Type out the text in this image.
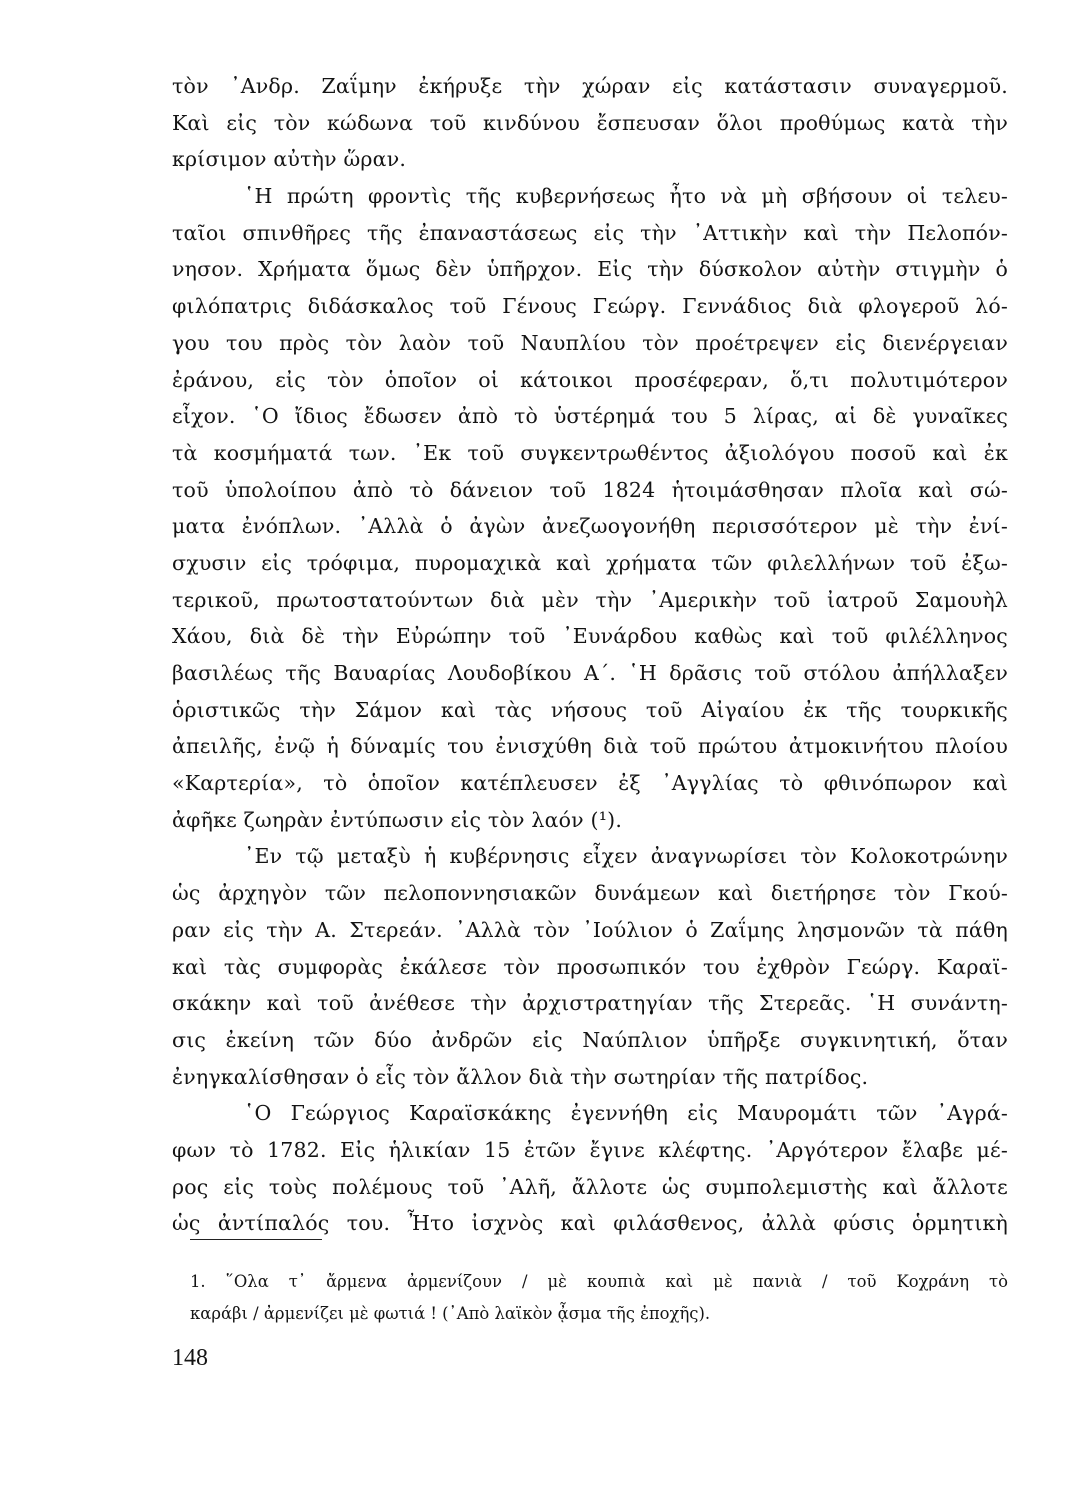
τὸν ᾿Ανδρ. Ζαΐμην ἐκήρυξε τὴν χώραν εἰς κατάστασιν συναγερμοῦ.
Καὶ εἰς τὸν κώδωνα τοῦ κινδύνου ἔσπευσαν ὅλοι προθύμως κατὰ τὴν
κρίσιμον αὐτὴν ὥραν.
῾Η πρώτη φροντὶς τῆς κυβερνήσεως ἦτο νὰ μὴ σβήσουν οἱ τελευ-
ταῖοι σπινθῆρες τῆς ἐπαναστάσεως εἰς τὴν ᾿Αττικὴν καὶ τὴν Πελοπόν-
νησον. Χρήματα ὅμως δὲν ὑπῆρχον. Εἰς τὴν δύσκολον αὐτὴν στιγμὴν ὁ
φιλόπατρις διδάσκαλος τοῦ Γένους Γεώργ. Γεννάδιος διὰ φλογεροῦ λό-
γου του πρὸς τὸν λαὸν τοῦ Ναυπλίου τὸν προέτρεψεν εἰς διενέργειαν
ἐράνου, εἰς τὸν ὁποῖον οἱ κάτοικοι προσέφεραν, ὅ,τι πολυτιμότερον
εἶχον. ῾Ο ἴδιος ἔδωσεν ἀπὸ τὸ ὑστέρημά του 5 λίρας, αἱ δὲ γυναῖκες
τὰ κοσμήματά των. ᾿Εκ τοῦ συγκεντρωθέντος ἀξιολόγου ποσοῦ καὶ ἐκ
τοῦ ὑπολοίπου ἀπὸ τὸ δάνειον τοῦ 1824 ἡτοιμάσθησαν πλοῖα καὶ σώ-
ματα ἐνόπλων. ᾿Αλλὰ ὁ ἀγὼν ἀνεζωογονήθη περισσότερον μὲ τὴν ἐνί-
σχυσιν εἰς τρόφιμα, πυρομαχικὰ καὶ χρήματα τῶν φιλελλήνων τοῦ ἐξω-
τερικοῦ, πρωτοστατούντων διὰ μὲν τὴν ᾿Αμερικὴν τοῦ ἰατροῦ Σαμουὴλ
Χάου, διὰ δὲ τὴν Εὐρώπην τοῦ ᾿Ευνάρδου καθὼς καὶ τοῦ φιλέλληνος
βασιλέως τῆς Βαυαρίας Λουδοβίκου Α΄. ῾Η δρᾶσις τοῦ στόλου ἀπήλλαξεν
ὁριστικῶς τὴν Σάμον καὶ τὰς νήσους τοῦ Αἰγαίου ἐκ τῆς τουρκικῆς
ἀπειλῆς, ἐνῷ ἡ δύναμίς του ἐνισχύθη διὰ τοῦ πρώτου ἀτμοκινήτου πλοίου
«Καρτερία», τὸ ὁποῖον κατέπλευσεν ἐξ ᾿Αγγλίας τὸ φθινόπωρον καὶ
ἀφῆκε ζωηρὰν ἐντύπωσιν εἰς τὸν λαόν (¹).
᾿Εν τῷ μεταξὺ ἡ κυβέρνησις εἶχεν ἀναγνωρίσει τὸν Κολοκοτρώνην
ὡς ἀρχηγὸν τῶν πελοποννησιακῶν δυνάμεων καὶ διετήρησε τὸν Γκού-
ραν εἰς τὴν Α. Στερεάν. ᾿Αλλὰ τὸν ᾿Ιούλιον ὁ Ζαΐμης λησμονῶν τὰ πάθη
καὶ τὰς συμφορὰς ἐκάλεσε τὸν προσωπικόν του ἐχθρὸν Γεώργ. Καραϊ-
σκάκην καὶ τοῦ ἀνέθεσε τὴν ἀρχιστρατηγίαν τῆς Στερεᾶς. ῾Η συνάντη-
σις ἐκείνη τῶν δύο ἀνδρῶν εἰς Ναύπλιον ὑπῆρξε συγκινητική, ὅταν
ἐνηγκαλίσθησαν ὁ εἷς τὸν ἄλλον διὰ τὴν σωτηρίαν τῆς πατρίδος.
῾Ο Γεώργιος Καραϊσκάκης ἐγεννήθη εἰς Μαυρομάτι τῶν ᾿Αγρά-
φων τὸ 1782. Εἰς ἡλικίαν 15 ἐτῶν ἔγινε κλέφτης. ᾿Αργότερον ἔλαβε μέ-
ρος εἰς τοὺς πολέμους τοῦ ᾿Αλῆ, ἄλλοτε ὡς συμπολεμιστὴς καὶ ἄλλοτε
ὡς ἀντίπαλός του. Ἦτο ἰσχνὸς καὶ φιλάσθενος, ἀλλὰ φύσις ὁρμητικὴ
1. ῞Ολα τ᾿ ἄρμενα ἀρμενίζουν / μὲ κουπιὰ καὶ μὲ πανιὰ / τοῦ Κοχράνη τὸ
καράβι / ἀρμενίζει μὲ φωτιά ! (᾿Απὸ λαϊκὸν ᾆσμα τῆς ἐποχῆς).
148
